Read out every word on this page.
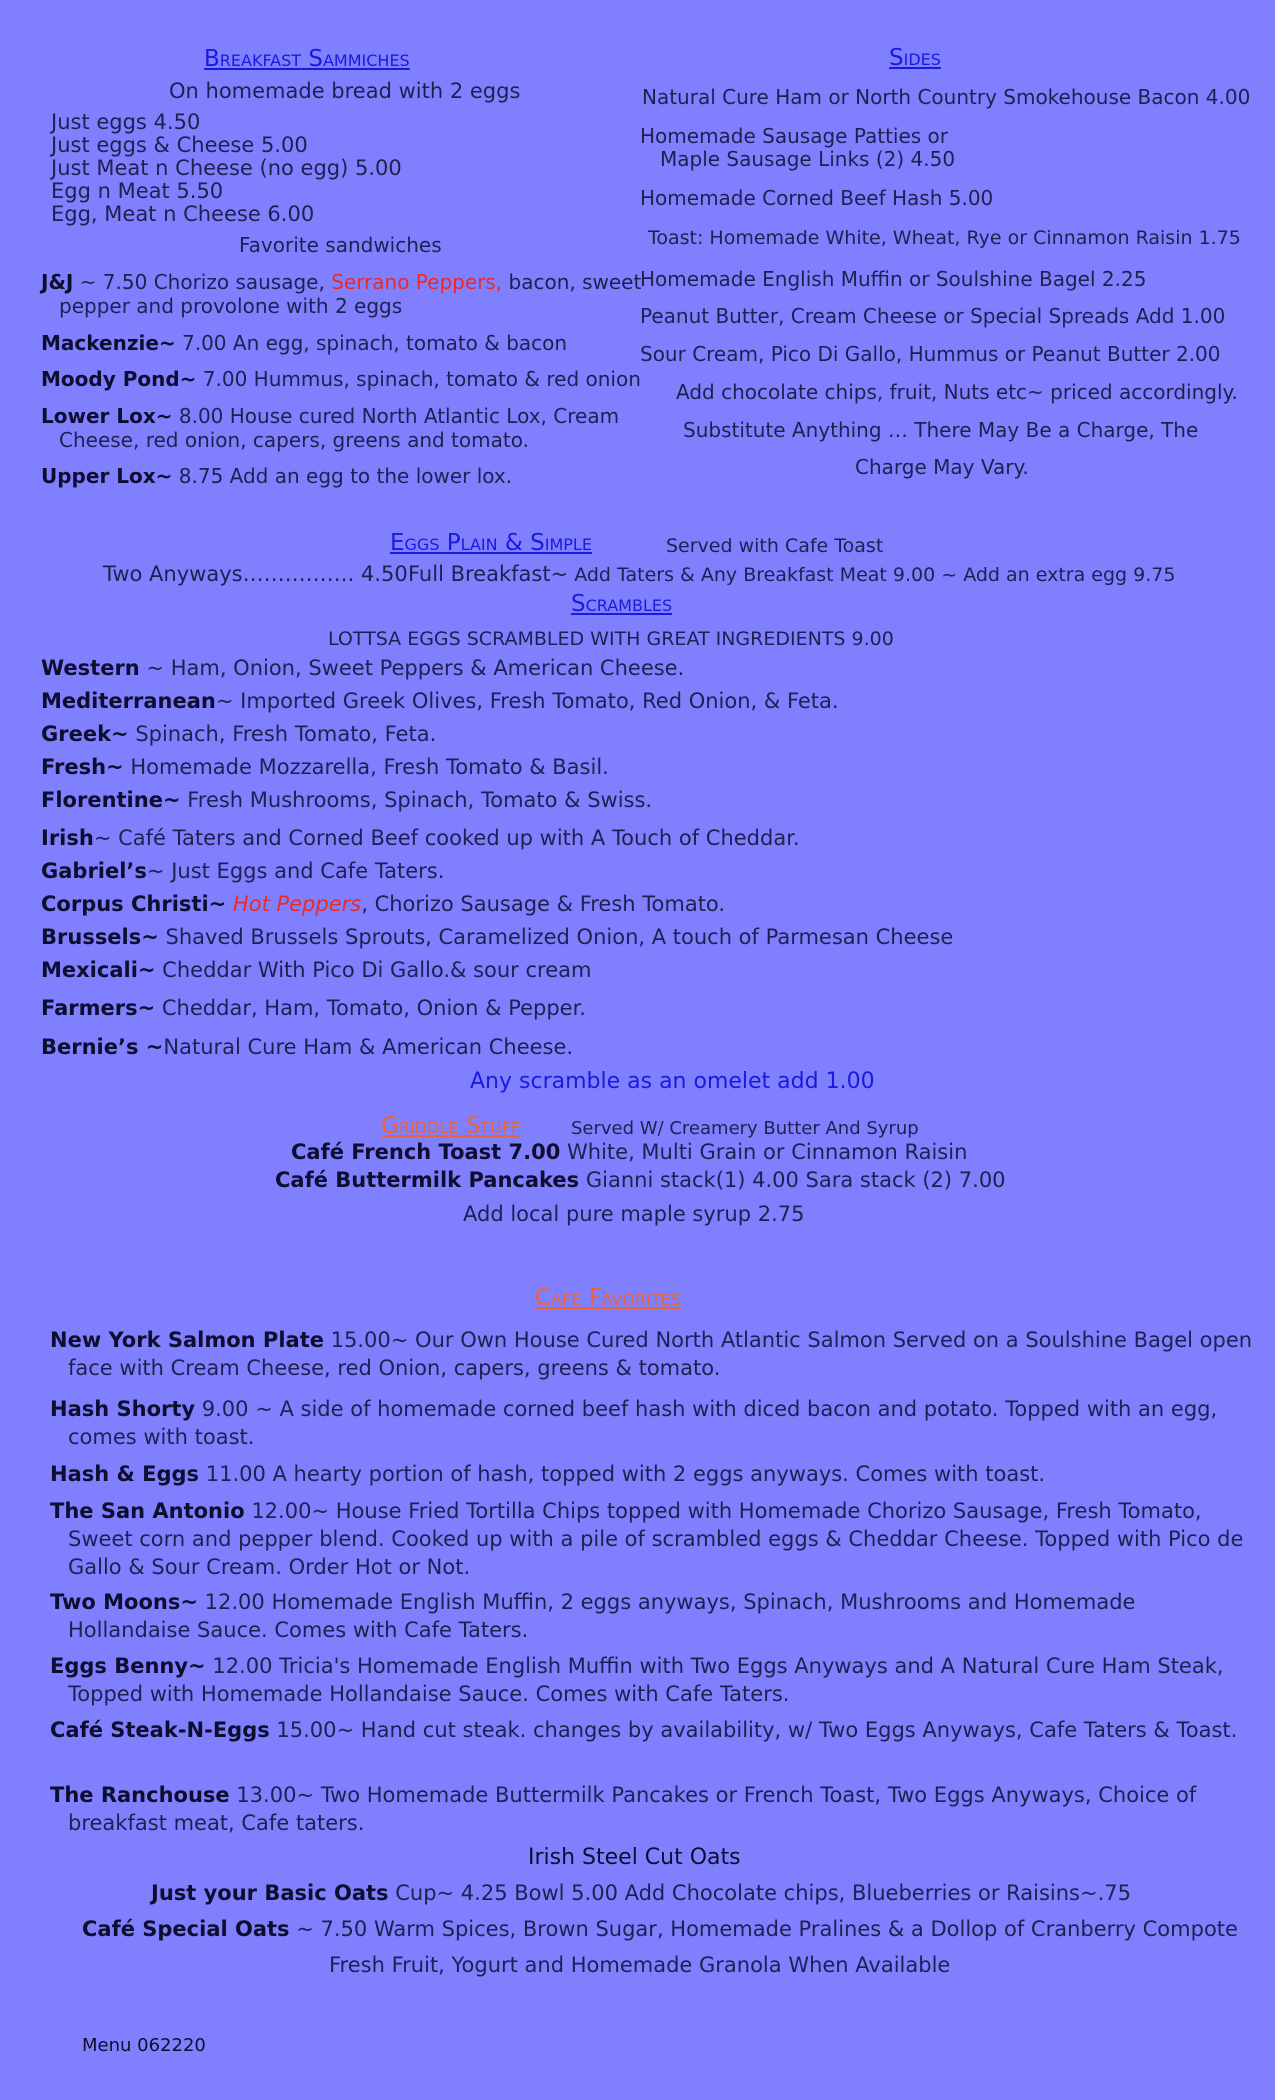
Breakfast Sammiches
On homemade bread with 2 eggs
Just eggs 4.50
Just eggs & Cheese 5.00
Just Meat n Cheese (no egg) 5.00
Egg n Meat 5.50
Egg, Meat n Cheese 6.00
Favorite sandwiches
J&J ~ 7.50 Chorizo sausage, Serrano Peppers, bacon, sweet
pepper and provolone with 2 eggs
Mackenzie~ 7.00 An egg, spinach, tomato & bacon
Moody Pond~ 7.00 Hummus, spinach, tomato & red onion
Lower Lox~ 8.00 House cured North Atlantic Lox, Cream
Cheese, red onion, capers, greens and tomato.
Upper Lox~ 8.75 Add an egg to the lower lox.
Sides
Natural Cure Ham or North Country Smokehouse Bacon 4.00
Homemade Sausage Patties or
Maple Sausage Links (2) 4.50
Homemade Corned Beef Hash 5.00
Toast: Homemade White, Wheat, Rye or Cinnamon Raisin 1.75
Homemade English Muffin or Soulshine Bagel 2.25
Peanut Butter, Cream Cheese or Special Spreads Add 1.00
Sour Cream, Pico Di Gallo, Hummus or Peanut Butter 2.00
Add chocolate chips, fruit, Nuts etc~ priced accordingly.
Substitute Anything … There May Be a Charge, The
Charge May Vary.
Eggs Plain & Simple	Served with Cafe Toast
Two Anyways……………. 4.50 Full Breakfast~ Add Taters & Any Breakfast Meat 9.00 ~ Add an extra egg 9.75
Scrambles
LOTTSA EGGS SCRAMBLED WITH GREAT INGREDIENTS 9.00
Western ~ Ham, Onion, Sweet Peppers & American Cheese.
Mediterranean~ Imported Greek Olives, Fresh Tomato, Red Onion, & Feta.
Greek~ Spinach, Fresh Tomato, Feta.
Fresh~ Homemade Mozzarella, Fresh Tomato & Basil.
Florentine~ Fresh Mushrooms, Spinach, Tomato & Swiss.
Irish~ Café Taters and Corned Beef cooked up with A Touch of Cheddar.
Gabriel’s~ Just Eggs and Cafe Taters.
Corpus Christi~ Hot Peppers, Chorizo Sausage & Fresh Tomato.
Brussels~ Shaved Brussels Sprouts, Caramelized Onion, A touch of Parmesan Cheese
Mexicali~ Cheddar With Pico Di Gallo.& sour cream
Farmers~ Cheddar, Ham, Tomato, Onion & Pepper.
Bernie’s ~Natural Cure Ham & American Cheese.
Any scramble as an omelet add 1.00
Griddle Stuff	Served W/ Creamery Butter And Syrup
Café French Toast 7.00 White, Multi Grain or Cinnamon Raisin
Café Buttermilk Pancakes Gianni stack(1) 4.00 Sara stack (2) 7.00
Add local pure maple syrup 2.75
Cafe Favorites
New York Salmon Plate 15.00~ Our Own House Cured North Atlantic Salmon Served on a Soulshine Bagel open face with Cream Cheese, red Onion, capers, greens & tomato.
Hash Shorty 9.00 ~ A side of homemade corned beef hash with diced bacon and potato. Topped with an egg, comes with toast.
Hash & Eggs 11.00 A hearty portion of hash, topped with 2 eggs anyways. Comes with toast.
The San Antonio 12.00~ House Fried Tortilla Chips topped with Homemade Chorizo Sausage, Fresh Tomato, Sweet corn and pepper blend. Cooked up with a pile of scrambled eggs & Cheddar Cheese. Topped with Pico de Gallo & Sour Cream. Order Hot or Not.
Two Moons~ 12.00 Homemade English Muffin, 2 eggs anyways, Spinach, Mushrooms and Homemade Hollandaise Sauce. Comes with Cafe Taters.
Eggs Benny~ 12.00 Tricia's Homemade English Muffin with Two Eggs Anyways and A Natural Cure Ham Steak, Topped with Homemade Hollandaise Sauce. Comes with Cafe Taters.
Café Steak-N-Eggs 15.00~ Hand cut steak. changes by availability, w/ Two Eggs Anyways, Cafe Taters & Toast.
The Ranchouse 13.00~ Two Homemade Buttermilk Pancakes or French Toast, Two Eggs Anyways, Choice of breakfast meat, Cafe taters.
Irish Steel Cut Oats
Just your Basic Oats Cup~ 4.25 Bowl 5.00 Add Chocolate chips, Blueberries or Raisins~.75
Café Special Oats ~ 7.50 Warm Spices, Brown Sugar, Homemade Pralines & a Dollop of Cranberry Compote
Fresh Fruit, Yogurt and Homemade Granola When Available
Menu 062220
